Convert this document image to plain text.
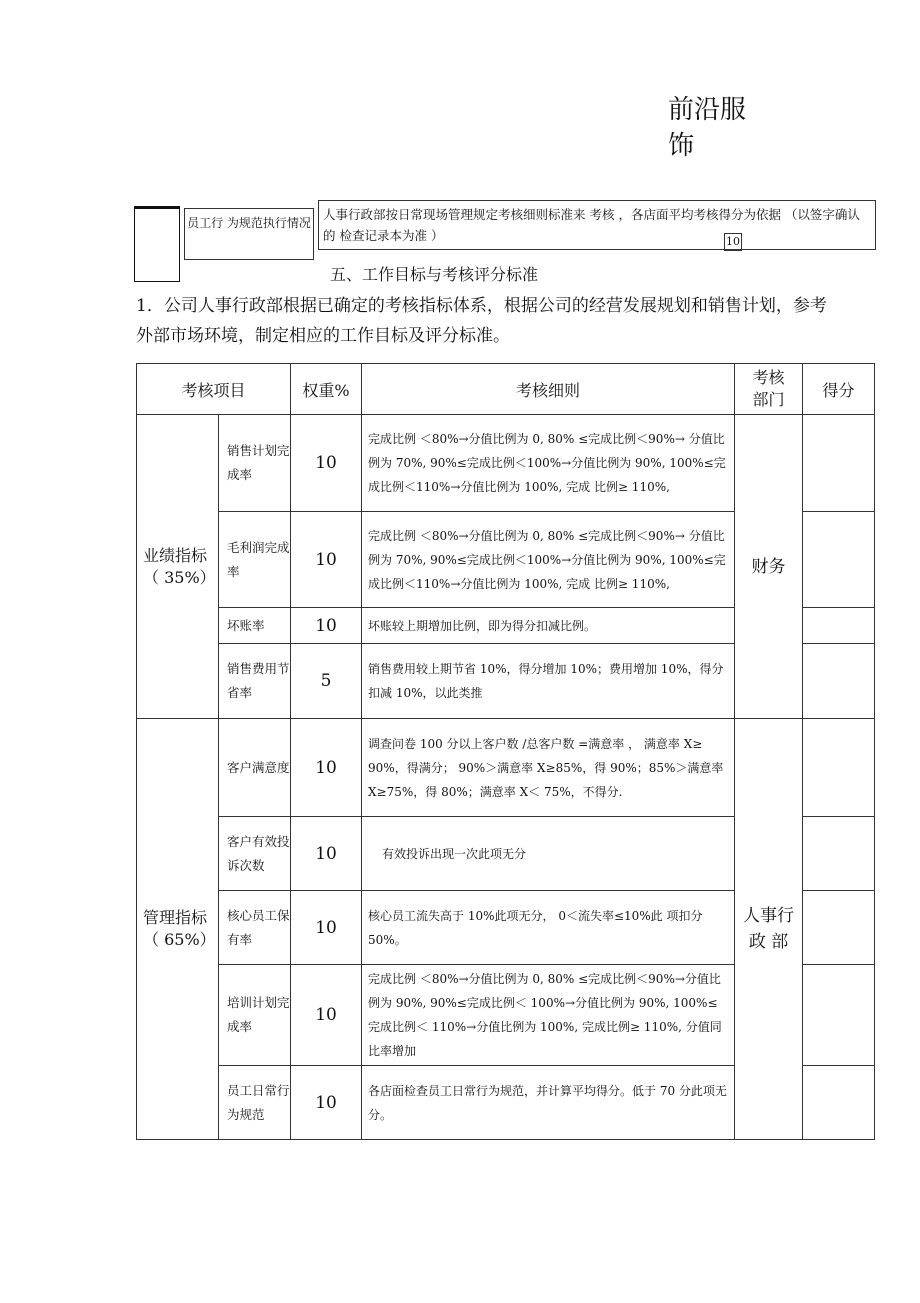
前沿服饰
员工行 为规范执行情况
人事行政部按日常现场管理规定考核细则标准来 考核 ，各店面平均考核得分为依据 （以签字确认的 检查记录本为准 ）	10
五、工作目标与考核评分标准
1．公司人事行政部根据已确定的考核指标体系，根据公司的经营发展规划和销售计划，参考外部市场环境，制定相应的工作目标及评分标准。
考核项目		权重%	考核细则	考核部门	得分
业绩指标（ 35%）	销售计划完成率	10	完成比例 ＜80%→分值比例为 0, 80% ≤完成比例＜90%→ 分值比例为 70%, 90%≤完成比例＜100%→分值比例为 90%, 100%≤完成比例＜110%→分值比例为 100%, 完成 比例≥ 110%,	财务	
	毛利润完成率	10	完成比例 ＜80%→分值比例为 0, 80% ≤完成比例＜90%→ 分值比例为 70%, 90%≤完成比例＜100%→分值比例为 90%, 100%≤完成比例＜110%→分值比例为 100%, 完成 比例≥ 110%,		
	坏账率	10	坏账较上期增加比例，即为得分扣减比例。		
	销售费用节省率	5	销售费用较上期节省 10%，得分增加 10%；费用增加 10%，得分扣减 10%，以此类推		
管理指标（ 65%）	客户满意度	10	调查问卷 100 分以上客户数 /总客户数 =满意率 ， 满意率 X≥ 90%，得满分； 90%＞满意率 X≥85%，得 90%；85%＞满意率 X≥75%，得 80%；满意率 X＜ 75%，不得分.	人事行政 部	
	客户有效投诉次数	10	有效投诉出现一次此项无分		
	核心员工保有率	10	核心员工流失高于 10%此项无分， 0＜流失率≤10%此 项扣分 50%。		
	培训计划完成率	10	完成比例 ＜80%→分值比例为 0, 80% ≤完成比例＜90%→分值比例为 90%, 90%≤完成比例＜ 100%→分值比例为 90%, 100%≤完成比例＜ 110%→分值比例为 100%, 完成比例≥ 110%, 分值同比率增加		
	员工日常行为规范	10	各店面检查员工日常行为规范，并计算平均得分。低于 70 分此项无分。		
